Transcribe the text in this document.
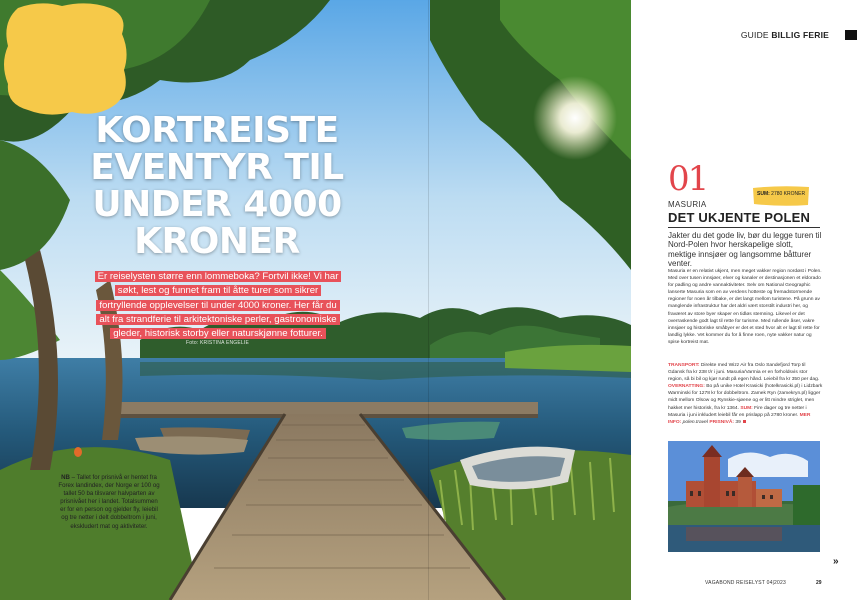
KORTREISTE
EVENTYR TIL
UNDER 4000
KRONER

Er reiselysten større enn lommeboka? Fortvil ikke! Vi har søkt, lest og funnet fram til åtte turer som sikrer fortryllende opplevelser til under 4000 kroner. Her får du alt fra strandferie til arkitektoniske perler, gastronomiske gleder, historisk storby eller naturskjønne fotturer.

Foto: KRISTINA ENGELIE

NB – Tallet for prisnivå er hentet fra Forex landindex, der Norge er 100 og tallet 50 ba tilsvarer halvparten av prisnivået her i landet. Totalsummen er for en person og gjelder fly, leiebil og tre netter i delt dobbeltrom i juni, ekskludert mat og aktiviteter.

GUIDE BILLIG FERIE
01	SUM: 2780 KRONER
MASURIA
DET UKJENTE POLEN

Jakter du det gode liv, bør du legge turen til Nord-Polen hvor herskapelige slott, mektige innsjøer og langsomme båtturer venter.

Masuria er en relativt ukjent, men meget vakker region nordøst i Polen. Med over tusen innsjøer, elver og kanaler er destinasjonen et eldorado for padling og andre vannaktiviteter. Selv om National Geographic lanserte Masuria som en av verdens hotteste og fremadstormende regioner for noen år tilbake, er det langt mellom turistene. På grunn av manglende infrastruktur har det aldri vært storstilt industri her, og fraværet av store byer skaper en tidløs stemning. Likevel er det overraskende godt lagt til rette for turisme. Med rullende åser, vakre innsjøer og historiske småbyer er det et sted hvor alt er lagt til rette for landlig lykke. Vet kommer du for å finne roen, nyte vakker natur og spise kortreist mat.

TRANSPORT: Direkte med Wizz Air fra Oslo Sandefjord Torp til Gdansk fra kr 238 t/r i juni. Masuria/Varmia er en forholdsvis stor region, så bi bil og kjør rundt på egen hånd. Leiebil fra kr 350 per dag. OVERNATTING: Bo på unike Hotel Krasicki (hotelkrasicki.pl) i Lidzbark Warminski for 1278 kr for dobbeltrom. Zamek Ryn (zamekryn.pl) ligger midt mellom Olsow og Rynskie-sjøene og er litt mindre striglet, men hakket mer historisk, fra kr 1364. SUM: Fire dager og tre netter i Masuria i juni inkludert leiebil får en prislapp på 2780 kroner. MER INFO: polen.travel PRISNIVÅ: 39

»
VAGABOND REISELYST 04|2023	29
